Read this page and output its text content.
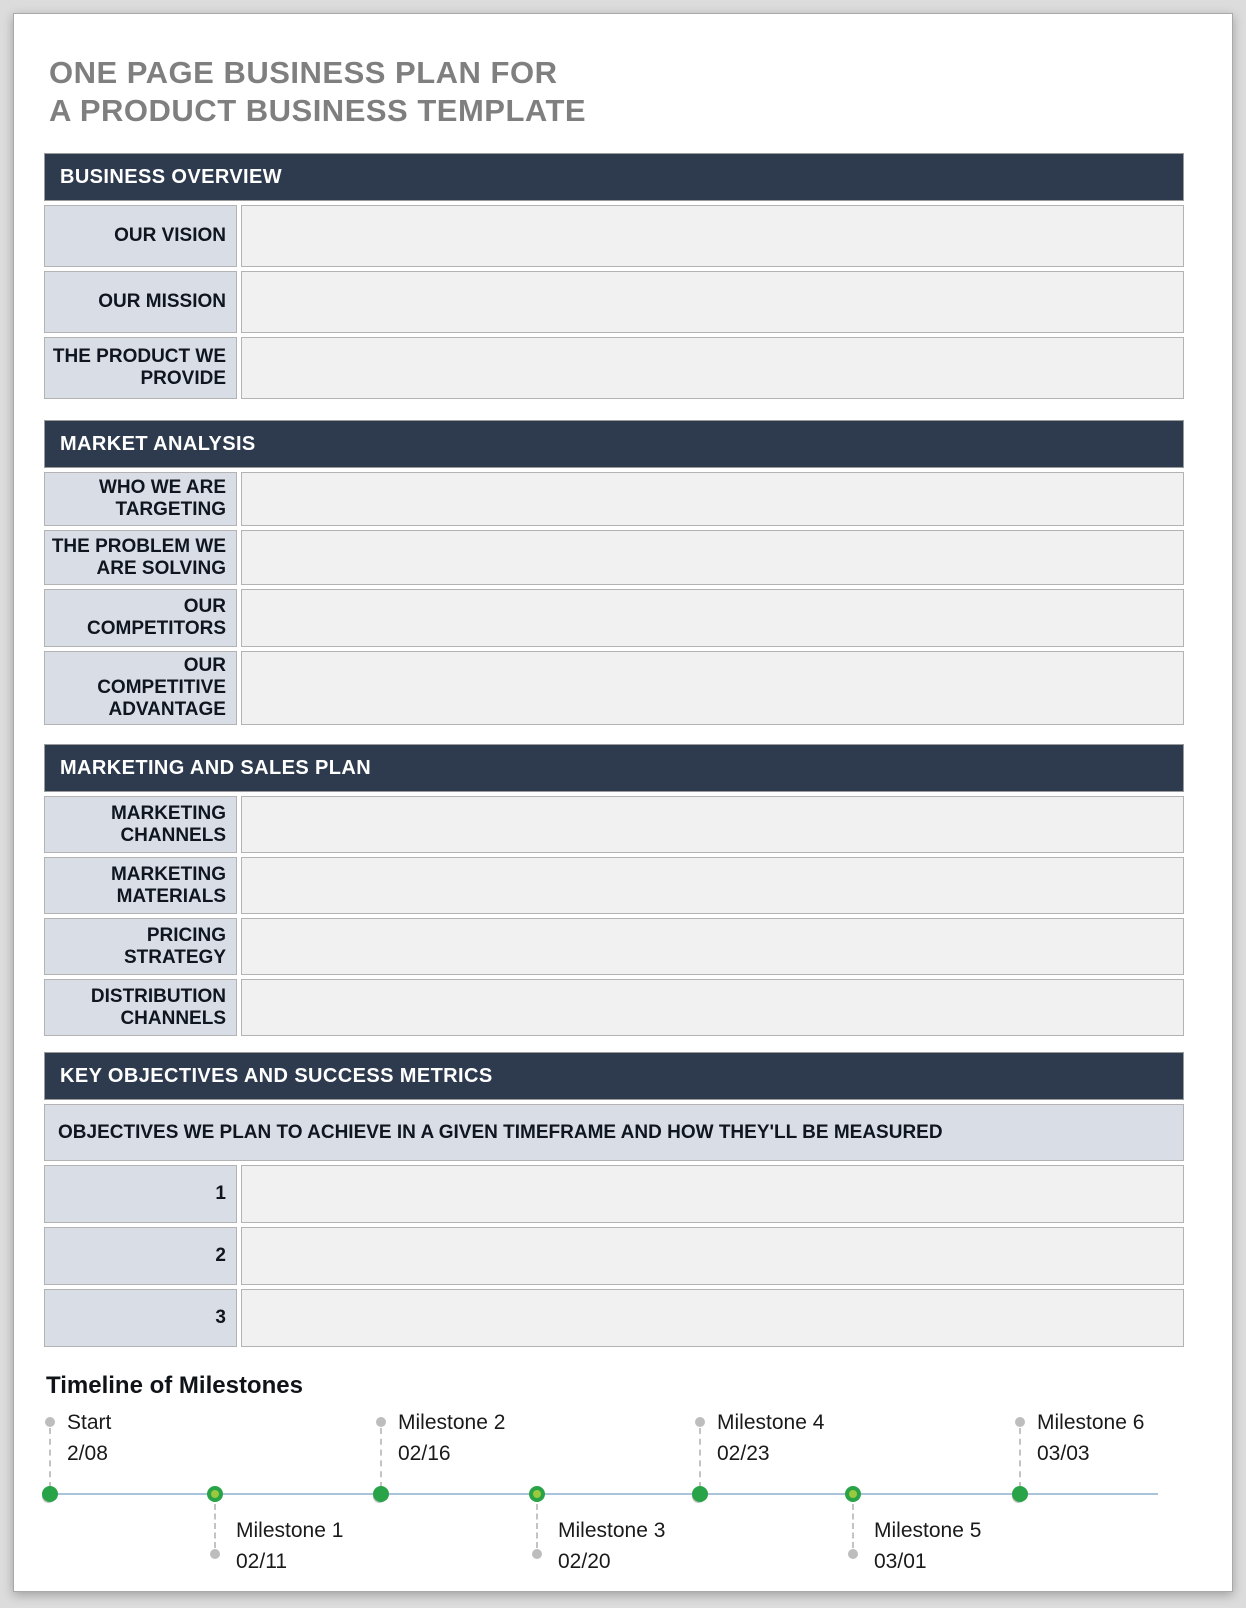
ONE PAGE BUSINESS PLAN FOR
A PRODUCT BUSINESS TEMPLATE
BUSINESS OVERVIEW
OUR VISION
OUR MISSION
THE PRODUCT WE PROVIDE
MARKET ANALYSIS
WHO WE ARE TARGETING
THE PROBLEM WE ARE SOLVING
OUR COMPETITORS
OUR COMPETITIVE ADVANTAGE
MARKETING AND SALES PLAN
MARKETING CHANNELS
MARKETING MATERIALS
PRICING STRATEGY
DISTRIBUTION CHANNELS
KEY OBJECTIVES AND SUCCESS METRICS
OBJECTIVES WE PLAN TO ACHIEVE IN A GIVEN TIMEFRAME AND HOW THEY'LL BE MEASURED
1
2
3
Timeline of Milestones
Start
2/08
Milestone 1
02/11
Milestone 2
02/16
Milestone 3
02/20
Milestone 4
02/23
Milestone 5
03/01
Milestone 6
03/03
